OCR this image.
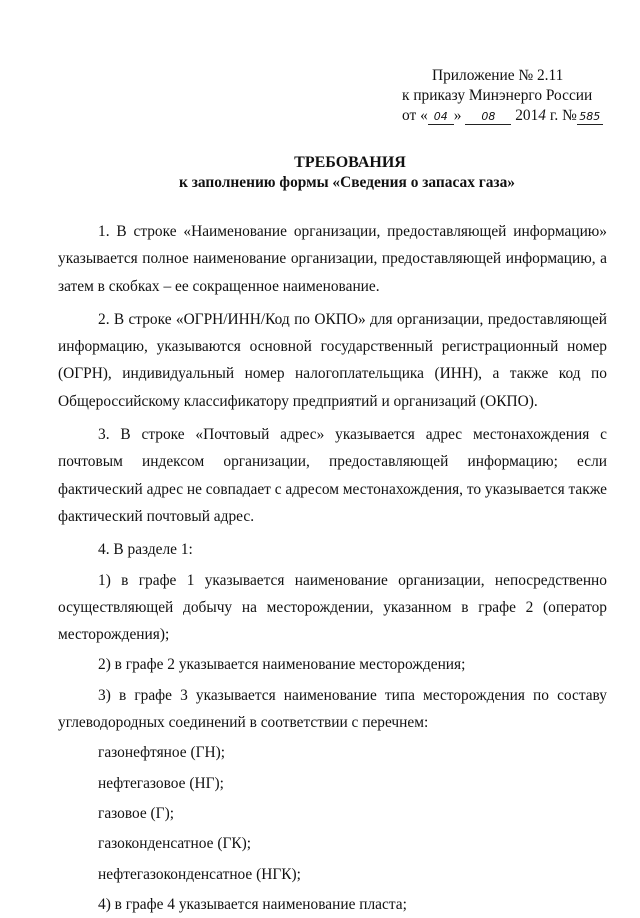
Приложение № 2.11
к приказу Минэнерго России
от « 04 » 08 2014 г. № 585
ТРЕБОВАНИЯ
к заполнению формы «Сведения о запасах газа»

1. В строке «Наименование организации, предоставляющей информацию» указывается полное наименование организации, предоставляющей информацию, а затем в скобках – ее сокращенное наименование.

2. В строке «ОГРН/ИНН/Код по ОКПО» для организации, предоставляющей информацию, указываются основной государственный регистрационный номер (ОГРН), индивидуальный номер налогоплательщика (ИНН), а также код по Общероссийскому классификатору предприятий и организаций (ОКПО).

3. В строке «Почтовый адрес» указывается адрес местонахождения с почтовым индексом организации, предоставляющей информацию; если фактический адрес не совпадает с адресом местонахождения, то указывается также фактический почтовый адрес.

4. В разделе 1:

1) в графе 1 указывается наименование организации, непосредственно осуществляющей добычу на месторождении, указанном в графе 2 (оператор месторождения);

2) в графе 2 указывается наименование месторождения;

3) в графе 3 указывается наименование типа месторождения по составу углеводородных соединений в соответствии с перечнем:

газонефтяное (ГН);

нефтегазовое (НГ);

газовое (Г);

газоконденсатное (ГК);

нефтегазоконденсатное (НГК);

4) в графе 4 указывается наименование пласта;
